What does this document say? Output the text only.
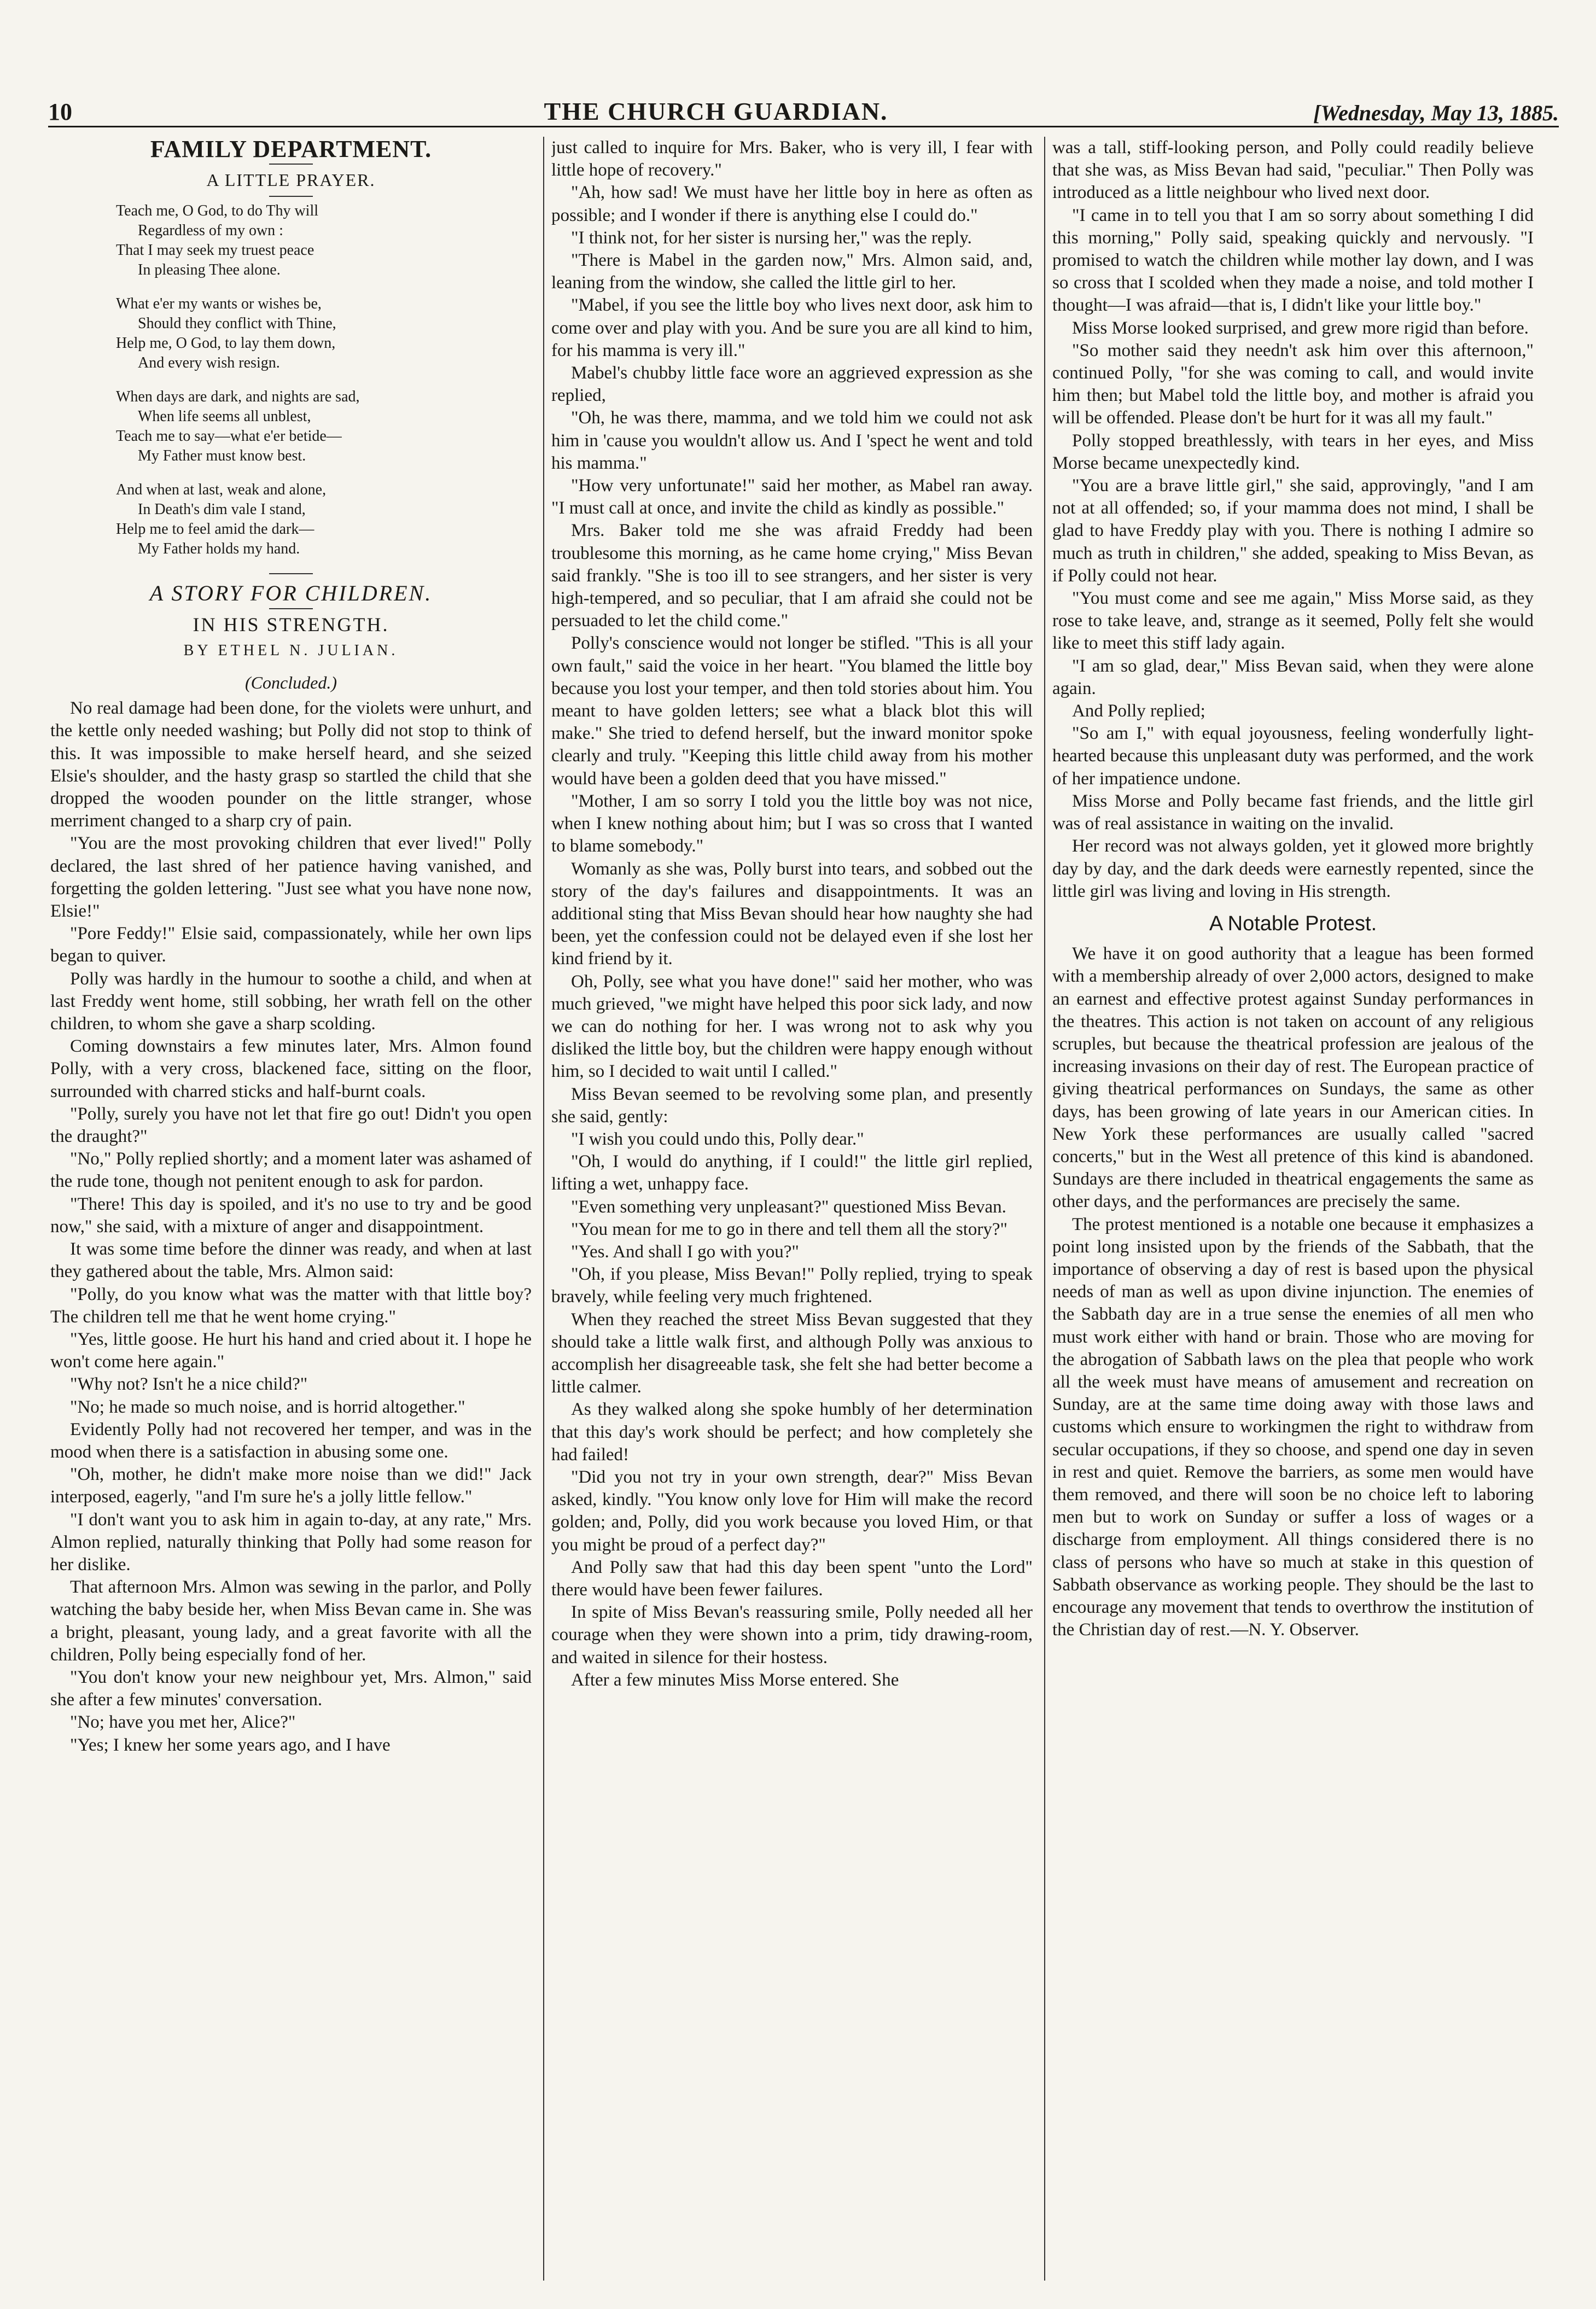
10	THE CHURCH GUARDIAN.	[Wednesday, May 13, 1885.
FAMILY DEPARTMENT.
A LITTLE PRAYER.
Teach me, O God, to do Thy will
Regardless of my own :
That I may seek my truest peace
In pleasing Thee alone.
What e'er my wants or wishes be,
Should they conflict with Thine,
Help me, O God, to lay them down,
And every wish resign.
When days are dark, and nights are sad,
When life seems all unblest,
Teach me to say—what e'er betide—
My Father must know best.
And when at last, weak and alone,
In Death's dim vale I stand,
Help me to feel amid the dark—
My Father holds my hand.
A STORY FOR CHILDREN.
IN HIS STRENGTH.
BY ETHEL N. JULIAN.
(Concluded.)

No real damage had been done, for the violets were unhurt, and the kettle only needed washing; but Polly did not stop to think of this. It was impossible to make herself heard, and she seized Elsie's shoulder, and the hasty grasp so startled the child that she dropped the wooden pounder on the little stranger, whose merriment changed to a sharp cry of pain.

"You are the most provoking children that ever lived!" Polly declared, the last shred of her patience having vanished, and forgetting the golden lettering. "Just see what you have none now, Elsie!"

"Pore Feddy!" Elsie said, compassionately, while her own lips began to quiver.

Polly was hardly in the humour to soothe a child, and when at last Freddy went home, still sobbing, her wrath fell on the other children, to whom she gave a sharp scolding.

Coming downstairs a few minutes later, Mrs. Almon found Polly, with a very cross, blackened face, sitting on the floor, surrounded with charred sticks and half-burnt coals.

"Polly, surely you have not let that fire go out! Didn't you open the draught?"

"No," Polly replied shortly; and a moment later was ashamed of the rude tone, though not penitent enough to ask for pardon.

"There! This day is spoiled, and it's no use to try and be good now," she said, with a mixture of anger and disappointment.

It was some time before the dinner was ready, and when at last they gathered about the table, Mrs. Almon said:

"Polly, do you know what was the matter with that little boy? The children tell me that he went home crying."

"Yes, little goose. He hurt his hand and cried about it. I hope he won't come here again."

"Why not? Isn't he a nice child?"

"No; he made so much noise, and is horrid altogether."

Evidently Polly had not recovered her temper, and was in the mood when there is a satisfaction in abusing some one.

"Oh, mother, he didn't make more noise than we did!" Jack interposed, eagerly, "and I'm sure he's a jolly little fellow."

"I don't want you to ask him in again to-day, at any rate," Mrs. Almon replied, naturally thinking that Polly had some reason for her dislike.

That afternoon Mrs. Almon was sewing in the parlor, and Polly watching the baby beside her, when Miss Bevan came in. She was a bright, pleasant, young lady, and a great favorite with all the children, Polly being especially fond of her.

"You don't know your new neighbour yet, Mrs. Almon," said she after a few minutes' conversation.

"No; have you met her, Alice?"

"Yes; I knew her some years ago, and I have

just called to inquire for Mrs. Baker, who is very ill, I fear with little hope of recovery."

"Ah, how sad! We must have her little boy in here as often as possible; and I wonder if there is anything else I could do."

"I think not, for her sister is nursing her," was the reply.

"There is Mabel in the garden now," Mrs. Almon said, and, leaning from the window, she called the little girl to her.

"Mabel, if you see the little boy who lives next door, ask him to come over and play with you. And be sure you are all kind to him, for his mamma is very ill."

Mabel's chubby little face wore an aggrieved expression as she replied,

"Oh, he was there, mamma, and we told him we could not ask him in 'cause you wouldn't allow us. And I 'spect he went and told his mamma."

"How very unfortunate!" said her mother, as Mabel ran away. "I must call at once, and invite the child as kindly as possible."

Mrs. Baker told me she was afraid Freddy had been troublesome this morning, as he came home crying," Miss Bevan said frankly. "She is too ill to see strangers, and her sister is very high-tempered, and so peculiar, that I am afraid she could not be persuaded to let the child come."

Polly's conscience would not longer be stifled. "This is all your own fault," said the voice in her heart. "You blamed the little boy because you lost your temper, and then told stories about him. You meant to have golden letters; see what a black blot this will make." She tried to defend herself, but the inward monitor spoke clearly and truly. "Keeping this little child away from his mother would have been a golden deed that you have missed."

"Mother, I am so sorry I told you the little boy was not nice, when I knew nothing about him; but I was so cross that I wanted to blame somebody."

Womanly as she was, Polly burst into tears, and sobbed out the story of the day's failures and disappointments. It was an additional sting that Miss Bevan should hear how naughty she had been, yet the confession could not be delayed even if she lost her kind friend by it.

Oh, Polly, see what you have done!" said her mother, who was much grieved, "we might have helped this poor sick lady, and now we can do nothing for her. I was wrong not to ask why you disliked the little boy, but the children were happy enough without him, so I decided to wait until I called."

Miss Bevan seemed to be revolving some plan, and presently she said, gently:

"I wish you could undo this, Polly dear."

"Oh, I would do anything, if I could!" the little girl replied, lifting a wet, unhappy face.

"Even something very unpleasant?" questioned Miss Bevan.

"You mean for me to go in there and tell them all the story?"

"Yes. And shall I go with you?"

"Oh, if you please, Miss Bevan!" Polly replied, trying to speak bravely, while feeling very much frightened.

When they reached the street Miss Bevan suggested that they should take a little walk first, and although Polly was anxious to accomplish her disagreeable task, she felt she had better become a little calmer.

As they walked along she spoke humbly of her determination that this day's work should be perfect; and how completely she had failed!

"Did you not try in your own strength, dear?" Miss Bevan asked, kindly. "You know only love for Him will make the record golden; and, Polly, did you work because you loved Him, or that you might be proud of a perfect day?"

And Polly saw that had this day been spent "unto the Lord" there would have been fewer failures.

In spite of Miss Bevan's reassuring smile, Polly needed all her courage when they were shown into a prim, tidy drawing-room, and waited in silence for their hostess.

After a few minutes Miss Morse entered. She

was a tall, stiff-looking person, and Polly could readily believe that she was, as Miss Bevan had said, "peculiar." Then Polly was introduced as a little neighbour who lived next door.

"I came in to tell you that I am so sorry about something I did this morning," Polly said, speaking quickly and nervously. "I promised to watch the children while mother lay down, and I was so cross that I scolded when they made a noise, and told mother I thought—I was afraid—that is, I didn't like your little boy."

Miss Morse looked surprised, and grew more rigid than before.

"So mother said they needn't ask him over this afternoon," continued Polly, "for she was coming to call, and would invite him then; but Mabel told the little boy, and mother is afraid you will be offended. Please don't be hurt for it was all my fault."

Polly stopped breathlessly, with tears in her eyes, and Miss Morse became unexpectedly kind.

"You are a brave little girl," she said, approvingly, "and I am not at all offended; so, if your mamma does not mind, I shall be glad to have Freddy play with you. There is nothing I admire so much as truth in children," she added, speaking to Miss Bevan, as if Polly could not hear.

"You must come and see me again," Miss Morse said, as they rose to take leave, and, strange as it seemed, Polly felt she would like to meet this stiff lady again.

"I am so glad, dear," Miss Bevan said, when they were alone again.

And Polly replied;

"So am I," with equal joyousness, feeling wonderfully light-hearted because this unpleasant duty was performed, and the work of her impatience undone.

Miss Morse and Polly became fast friends, and the little girl was of real assistance in waiting on the invalid.

Her record was not always golden, yet it glowed more brightly day by day, and the dark deeds were earnestly repented, since the little girl was living and loving in His strength.

A Notable Protest.

We have it on good authority that a league has been formed with a membership already of over 2,000 actors, designed to make an earnest and effective protest against Sunday performances in the theatres. This action is not taken on account of any religious scruples, but because the theatrical profession are jealous of the increasing invasions on their day of rest. The European practice of giving theatrical performances on Sundays, the same as other days, has been growing of late years in our American cities. In New York these performances are usually called "sacred concerts," but in the West all pretence of this kind is abandoned. Sundays are there included in theatrical engagements the same as other days, and the performances are precisely the same.

The protest mentioned is a notable one because it emphasizes a point long insisted upon by the friends of the Sabbath, that the importance of observing a day of rest is based upon the physical needs of man as well as upon divine injunction. The enemies of the Sabbath day are in a true sense the enemies of all men who must work either with hand or brain. Those who are moving for the abrogation of Sabbath laws on the plea that people who work all the week must have means of amusement and recreation on Sunday, are at the same time doing away with those laws and customs which ensure to workingmen the right to withdraw from secular occupations, if they so choose, and spend one day in seven in rest and quiet. Remove the barriers, as some men would have them removed, and there will soon be no choice left to laboring men but to work on Sunday or suffer a loss of wages or a discharge from employment. All things considered there is no class of persons who have so much at stake in this question of Sabbath observance as working people. They should be the last to encourage any movement that tends to overthrow the institution of the Christian day of rest.—N. Y. Observer.
